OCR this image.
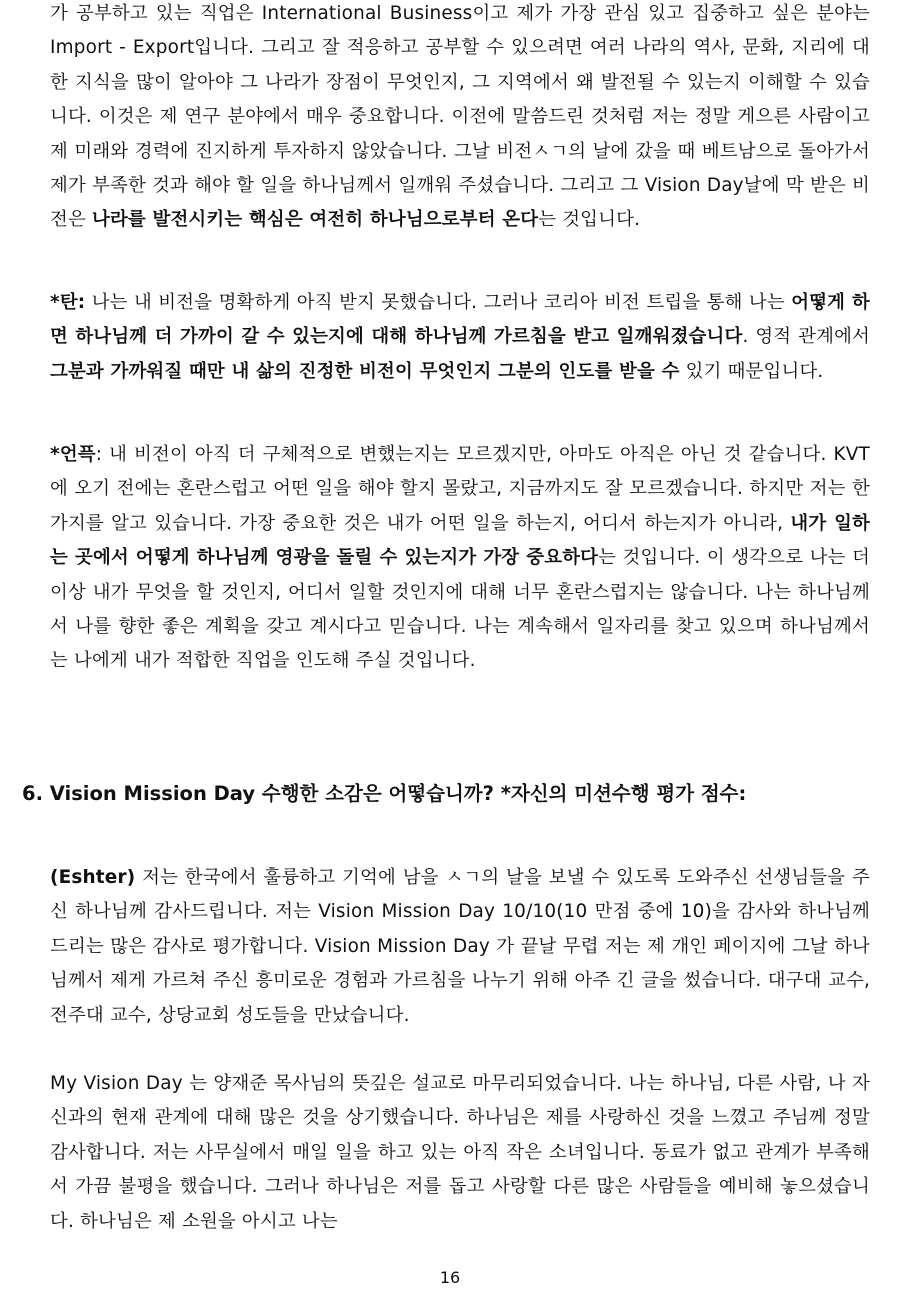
가 공부하고 있는 직업은 International Business이고 제가 가장 관심 있고 집중하고 싶은 분야는 Import - Export입니다. 그리고 잘 적응하고 공부할 수 있으려면 여러 나라의 역사, 문화, 지리에 대한 지식을 많이 알아야 그 나라가 장점이 무엇인지, 그 지역에서 왜 발전될 수 있는지 이해할 수 있습니다. 이것은 제 연구 분야에서 매우 중요합니다. 이전에 말씀드린 것처럼 저는 정말 게으른 사람이고 제 미래와 경력에 진지하게 투자하지 않았습니다. 그날 비전ㅅㄱ의 날에 갔을 때 베트남으로 돌아가서 제가 부족한 것과 해야 할 일을 하나님께서 일깨워 주셨습니다. 그리고 그 Vision Day날에 막 받은 비전은 나라를 발전시키는 핵심은 여전히 하나님으로부터 온다는 것입니다.
*탄: 나는 내 비전을 명확하게 아직 받지 못했습니다. 그러나 코리아 비전 트립을 통해 나는 어떻게 하면 하나님께 더 가까이 갈 수 있는지에 대해 하나님께 가르침을 받고 일깨워졌습니다. 영적 관계에서 그분과 가까워질 때만 내 삶의 진정한 비전이 무엇인지 그분의 인도를 받을 수 있기 때문입니다.
*언픅: 내 비전이 아직 더 구체적으로 변했는지는 모르겠지만, 아마도 아직은 아닌 것 같습니다. KVT에 오기 전에는 혼란스럽고 어떤 일을 해야 할지 몰랐고, 지금까지도 잘 모르겠습니다. 하지만 저는 한 가지를 알고 있습니다. 가장 중요한 것은 내가 어떤 일을 하는지, 어디서 하는지가 아니라, 내가 일하는 곳에서 어떻게 하나님께 영광을 돌릴 수 있는지가 가장 중요하다는 것입니다. 이 생각으로 나는 더 이상 내가 무엇을 할 것인지, 어디서 일할 것인지에 대해 너무 혼란스럽지는 않습니다. 나는 하나님께서 나를 향한 좋은 계획을 갖고 계시다고 믿습니다. 나는 계속해서 일자리를 찾고 있으며 하나님께서는 나에게 내가 적합한 직업을 인도해 주실 것입니다.
6. Vision Mission Day 수행한 소감은 어떻습니까? *자신의 미션수행 평가 점수:
(Eshter) 저는 한국에서 훌륭하고 기억에 남을 ㅅㄱ의 날을 보낼 수 있도록 도와주신 선생님들을 주신 하나님께 감사드립니다. 저는 Vision Mission Day 10/10(10 만점 중에 10)을 감사와 하나님께 드리는 많은 감사로 평가합니다. Vision Mission Day 가 끝날 무렵 저는 제 개인 페이지에 그날 하나님께서 제게 가르쳐 주신 흥미로운 경험과 가르침을 나누기 위해 아주 긴 글을 썼습니다. 대구대 교수, 전주대 교수, 상당교회 성도들을 만났습니다.
My Vision Day 는 양재준 목사님의 뜻깊은 설교로 마무리되었습니다. 나는 하나님, 다른 사람, 나 자신과의 현재 관계에 대해 많은 것을 상기했습니다. 하나님은 제를 사랑하신 것을 느꼈고 주님께 정말 감사합니다. 저는 사무실에서 매일 일을 하고 있는 아직 작은 소녀입니다. 동료가 없고 관계가 부족해서 가끔 불평을 했습니다. 그러나 하나님은 저를 돕고 사랑할 다른 많은 사람들을 예비해 놓으셨습니다. 하나님은 제 소원을 아시고 나는
16
